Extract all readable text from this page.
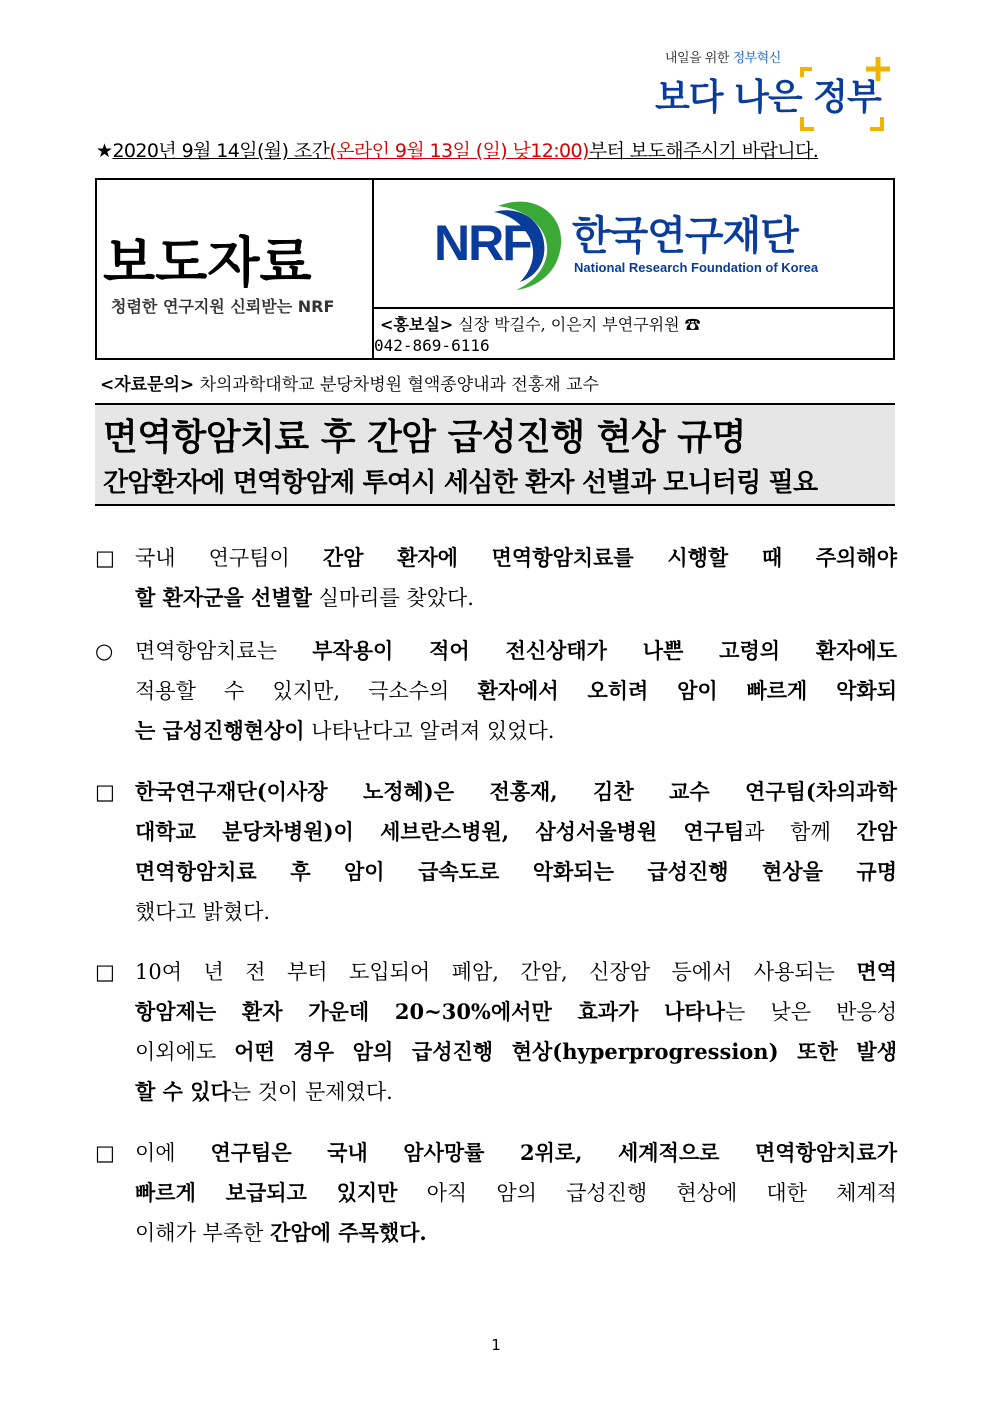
내일을 위한 정부혁신
보다 나은 정부
★2020년 9월 14일(월) 조간(온라인 9월 13일 (일) 낮12:00)부터 보도해주시기 바랍니다.
보도자료
청렴한 연구지원 신뢰받는 NRF
NRF 한국연구재단
National Research Foundation of Korea
<홍보실> 실장 박길수, 이은지 부연구위원 ☎
042-869-6116
<자료문의> 차의과학대학교 분당차병원 혈액종양내과 전홍재 교수
면역항암치료 후 간암 급성진행 현상 규명
간암환자에 면역항암제 투여시 세심한 환자 선별과 모니터링 필요
□ 국내 연구팀이 간암 환자에 면역항암치료를 시행할 때 주의해야
할 환자군을 선별할 실마리를 찾았다.
○	면역항암치료는 부작용이 적어 전신상태가 나쁜 고령의 환자에도
적용할 수 있지만, 극소수의 환자에서 오히려 암이 빠르게 악화되
는 급성진행현상이 나타난다고 알려져 있었다.
□ 한국연구재단(이사장 노정혜)은 전홍재, 김찬 교수 연구팀(차의과학
대학교 분당차병원)이 세브란스병원, 삼성서울병원 연구팀과 함께 간암
면역항암치료 후 암이 급속도로 악화되는 급성진행 현상을 규명
했다고 밝혔다.
□ 10여 년 전 부터 도입되어 폐암, 간암, 신장암 등에서 사용되는 면역
항암제는 환자 가운데 20~30%에서만 효과가 나타나는 낮은 반응성
이외에도 어떤 경우 암의 급성진행 현상(hyperprogression) 또한 발생
할 수 있다는 것이 문제였다.
□ 이에 연구팀은 국내 암사망률 2위로, 세계적으로 면역항암치료가
빠르게 보급되고 있지만 아직 암의 급성진행 현상에 대한 체계적
이해가 부족한 간암에 주목했다.
1
